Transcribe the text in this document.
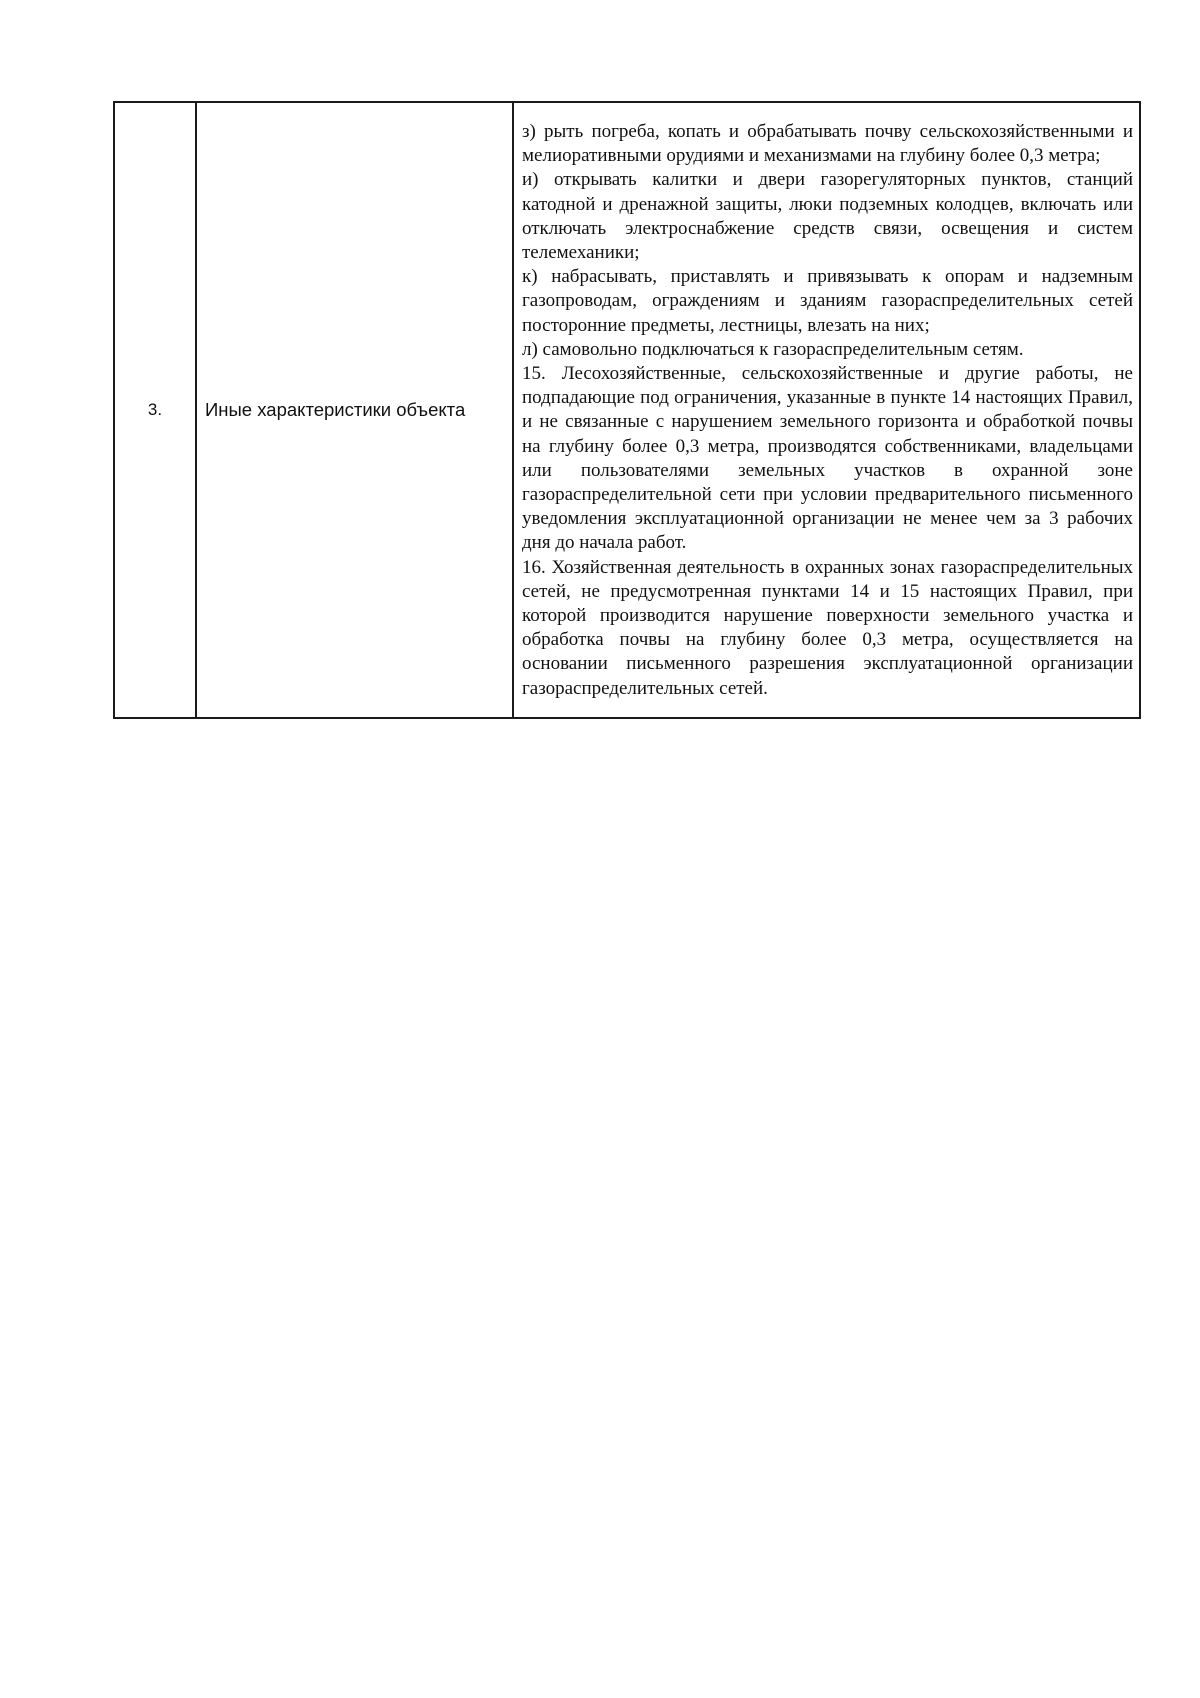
3.	Иные характеристики объекта	

з) рыть погреба, копать и обрабатывать почву сельскохозяйственными и мелиоративными орудиями и механизмами на глубину более 0,3 метра;

и) открывать калитки и двери газорегуляторных пунктов, станций катодной и дренажной защиты, люки подземных колодцев, включать или отключать электроснабжение средств связи, освещения и систем телемеханики;

к) набрасывать, приставлять и привязывать к опорам и надземным газопроводам, ограждениям и зданиям газораспределительных сетей посторонние предметы, лестницы, влезать на них;

л) самовольно подключаться к газораспределительным сетям.

15. Лесохозяйственные, сельскохозяйственные и другие работы, не подпадающие под ограничения, указанные в пункте 14 настоящих Правил, и не связанные с нарушением земельного горизонта и обработкой почвы на глубину более 0,3 метра, производятся собственниками, владельцами или пользователями земельных участков в охранной зоне газораспределительной сети при условии предварительного письменного уведомления эксплуатационной организации не менее чем за 3 рабочих дня до начала работ.

16. Хозяйственная деятельность в охранных зонах газораспределительных сетей, не предусмотренная пунктами 14 и 15 настоящих Правил, при которой производится нарушение поверхности земельного участка и обработка почвы на глубину более 0,3 метра, осуществляется на основании письменного разрешения эксплуатационной организации газораспределительных сетей.
